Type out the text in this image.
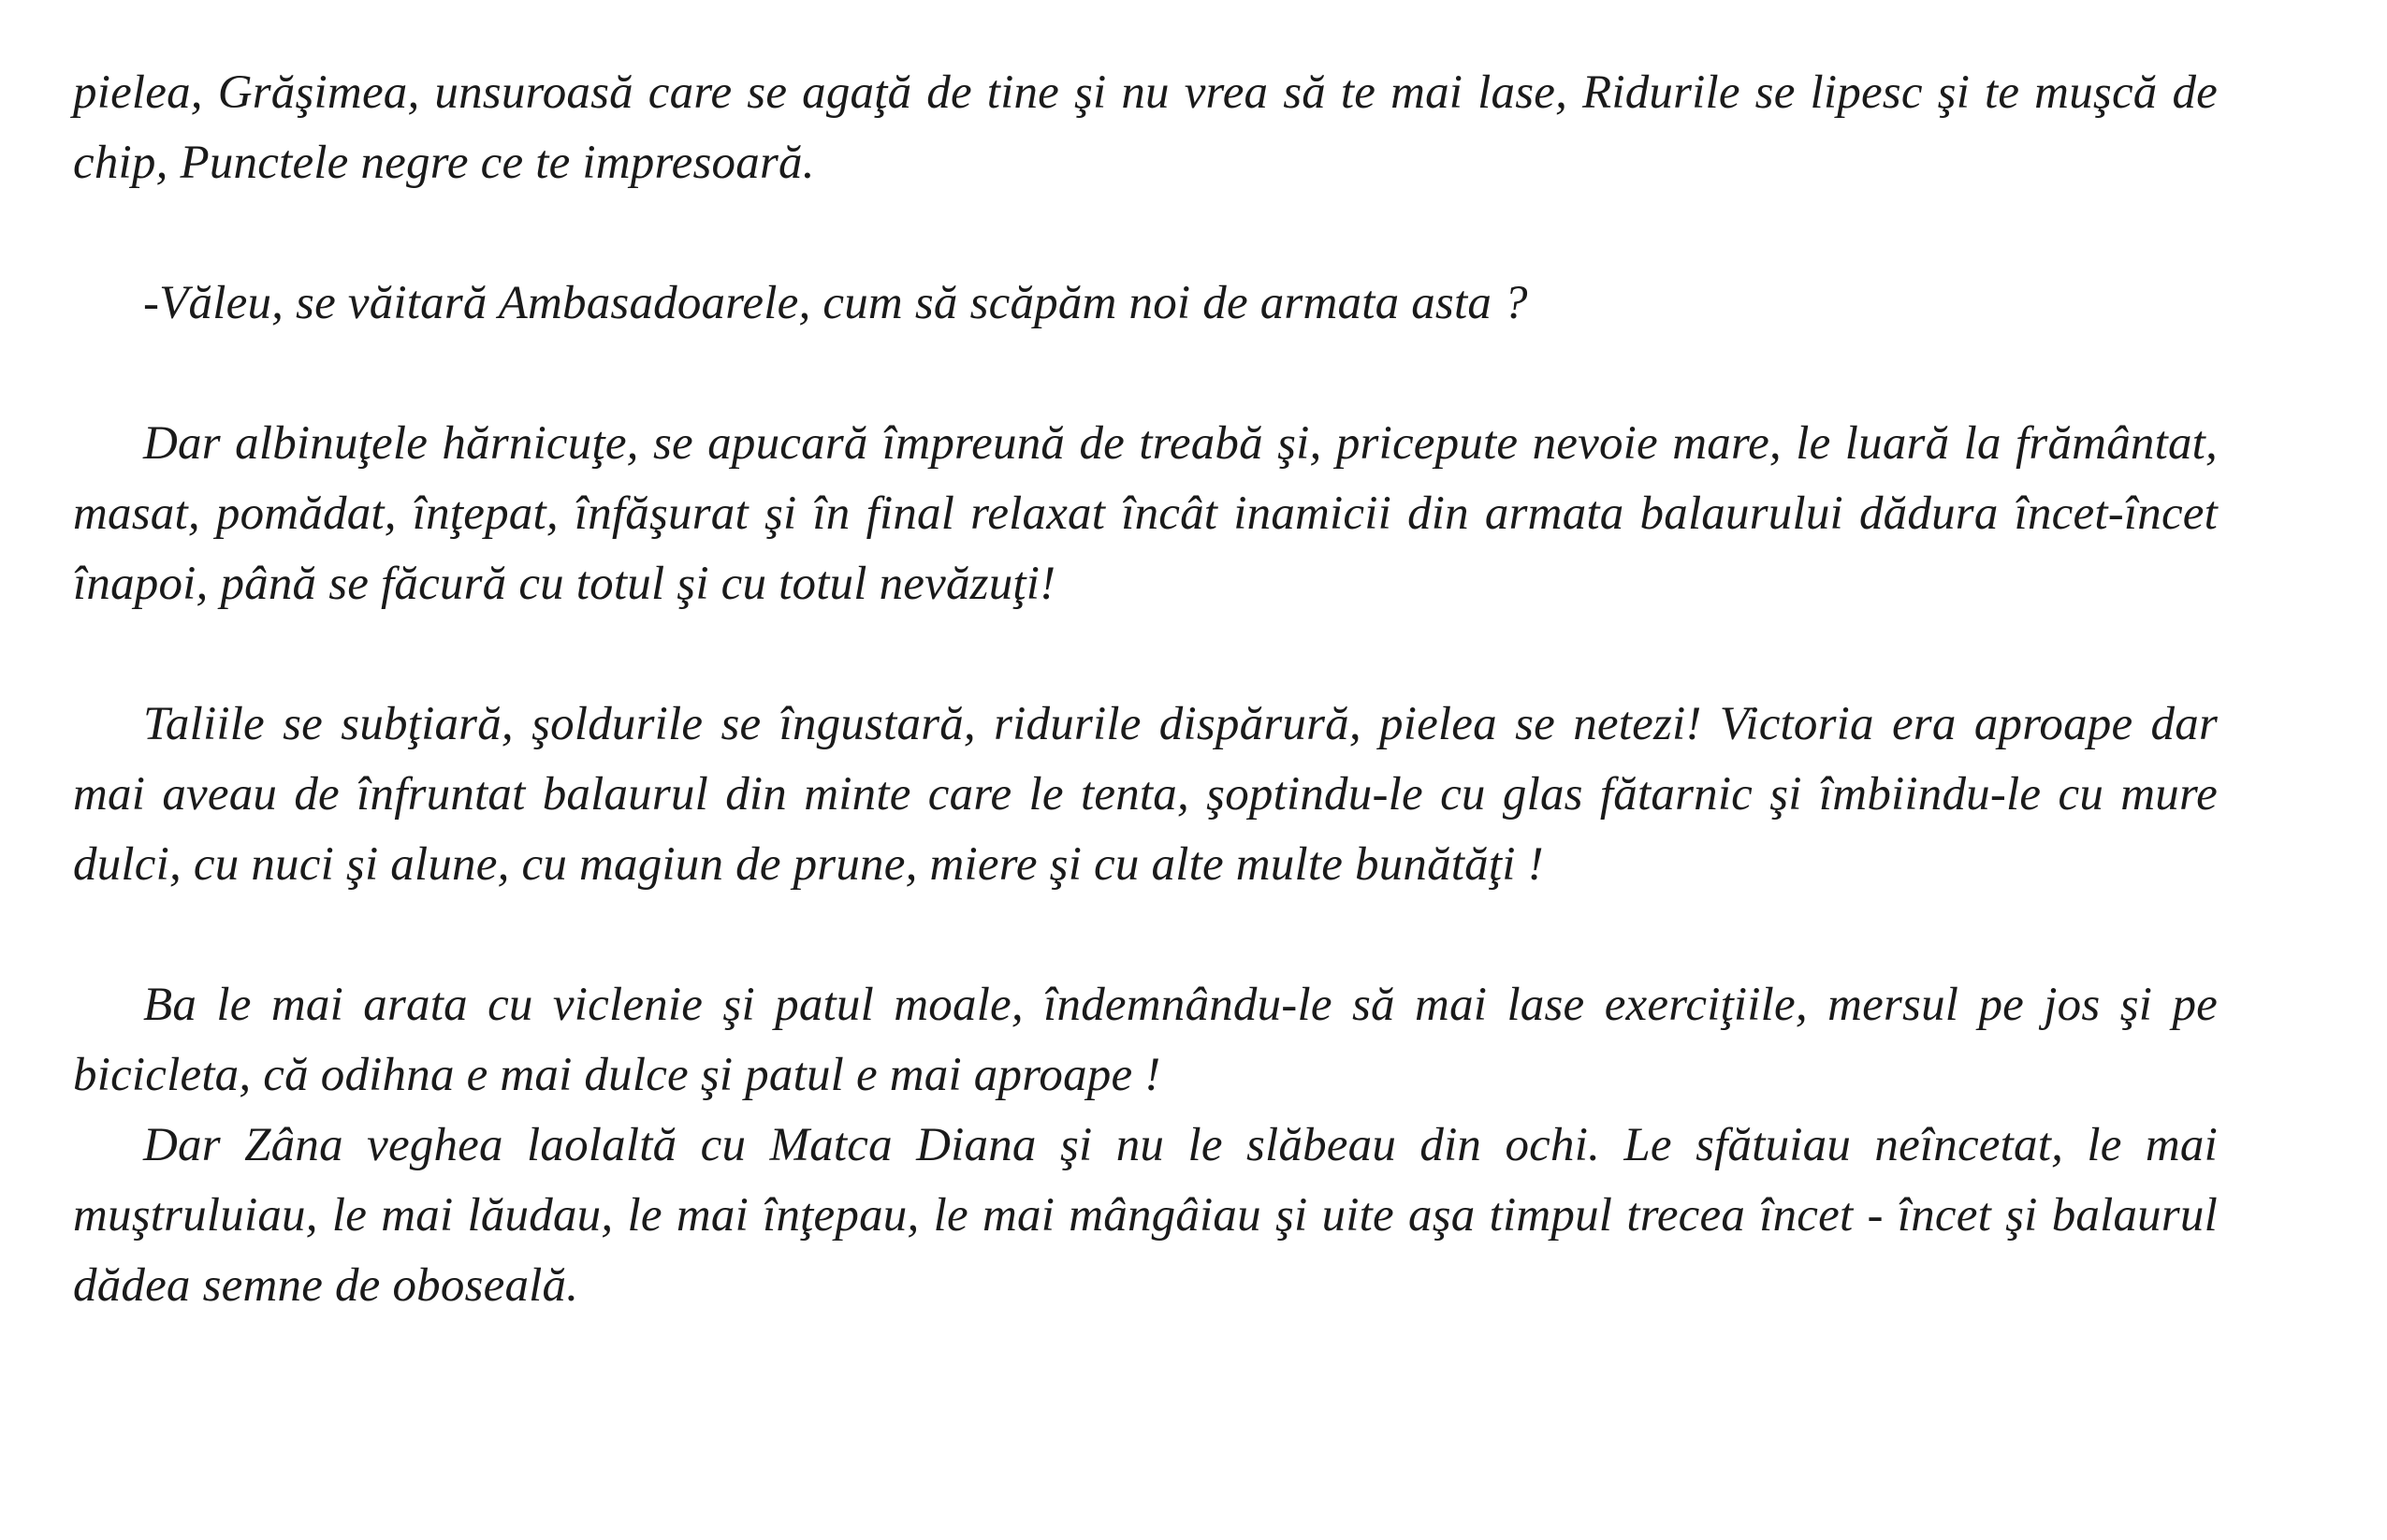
pielea, Grăşimea, unsuroasă care se agaţă de tine şi nu vrea să te mai lase, Ridurile se lipesc şi te muşcă de chip, Punctele negre ce te impresoară.

-Văleu, se văitară Ambasadoarele, cum să scăpăm noi de armata asta ?

Dar albinuţele hărnicuţe, se apucară împreună de treabă şi, pricepute nevoie mare, le luară la frământat, masat, pomădat, înţepat, înfăşurat şi în final relaxat încât inamicii din armata balaurului dădura încet-încet înapoi, până se făcură cu totul şi cu totul nevăzuţi!

Taliile se subţiară, şoldurile se îngustară, ridurile dispărură, pielea se netezi! Victoria era aproape dar mai aveau de înfruntat balaurul din minte care le tenta, şoptindu-le cu glas fătarnic şi îmbiindu-le cu mure dulci, cu nuci şi alune, cu magiun de prune, miere şi cu alte multe bunătăţi !

Ba le mai arata cu viclenie şi patul moale, îndemnându-le să mai lase exerciţiile, mersul pe jos şi pe bicicleta, că odihna e mai dulce şi patul e mai aproape !

Dar Zâna veghea laolaltă cu Matca Diana şi nu le slăbeau din ochi. Le sfătuiau neîncetat, le mai muştruluiau, le mai lăudau, le mai înţepau, le mai mângâiau şi uite aşa timpul trecea încet - încet şi balaurul dădea semne de oboseală.
